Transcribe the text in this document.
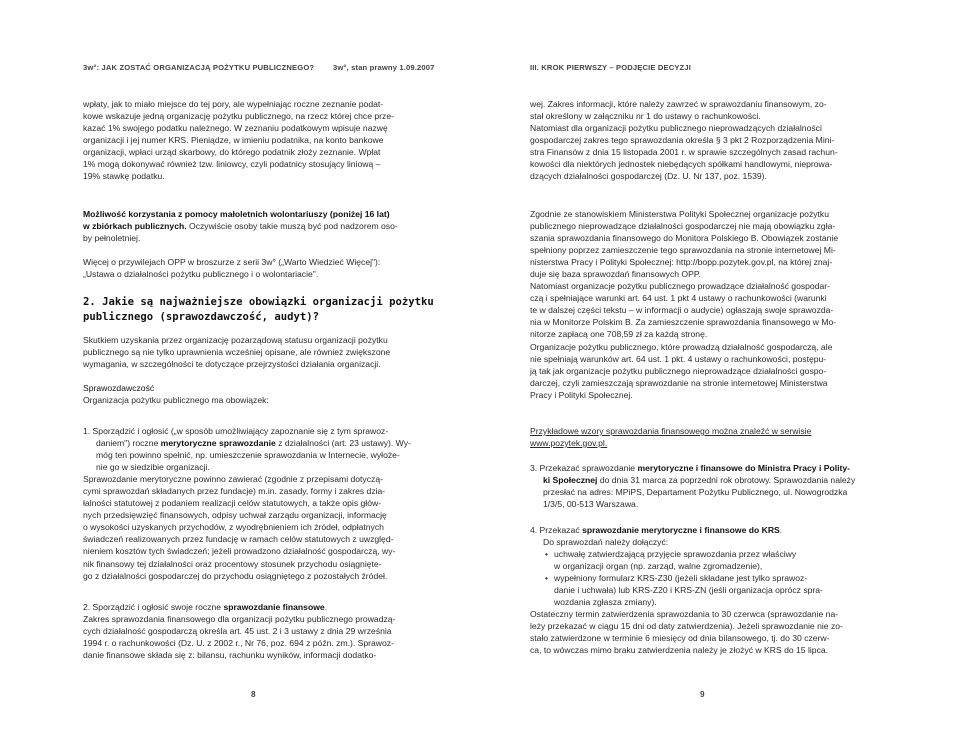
3w°: JAK ZOSTAĆ ORGANIZACJĄ POŻYTKU PUBLICZNEGO? 3w°, stan prawny 1.09.2007	III. KROK PIERWSZY – PODJĘCIE DECYZJI

wpłaty, jak to miało miejsce do tej pory, ale wypełniając roczne zeznanie podat-

kowe wskazuje jedną organizację pożytku publicznego, na rzecz której chce prze-

kazać 1% swojego podatku należnego. W zeznaniu podatkowym wpisuje nazwę

organizacji i jej numer KRS. Pieniądze, w imieniu podatnika, na konto bankowe

organizacji, wpłaci urząd skarbowy, do którego podatnik złoży zeznanie. Wpłat

1% mogą dokonywać również tzw. liniowcy, czyli podatnicy stosujący liniową –

19% stawkę podatku.

Możliwość korzystania z pomocy małoletnich wolontariuszy (poniżej 16 lat)

w zbiórkach publicznych. Oczywiście osoby takie muszą być pod nadzorem oso-

by pełnoletniej.

Więcej o przywilejach OPP w broszurze z serii 3w° („Warto Wiedzieć Więcej"):

„Ustawa o działalności pożytku publicznego i o wolontariacie".

2. Jakie są najważniejsze obowiązki organizacji pożytku

publicznego (sprawozdawczość, audyt)?

Skutkiem uzyskania przez organizację pozarządową statusu organizacji pożytku

publicznego są nie tylko uprawnienia wcześniej opisane, ale również zwiększone

wymagania, w szczególności te dotyczące przejrzystości działania organizacji.

Sprawozdawczość

Organizacja pożytku publicznego ma obowiązek:

1. Sporządzić i ogłosić („w sposób umożliwiający zapoznanie się z tym sprawoz-

daniem") roczne merytoryczne sprawozdanie z działalności (art. 23 ustawy). Wy-

móg ten powinno spełnić, np. umieszczenie sprawozdania w Internecie, wyłoże-

nie go w siedzibie organizacji.

Sprawozdanie merytoryczne powinno zawierać (zgodnie z przepisami dotyczą-

cymi sprawozdań składanych przez fundacje) m.in. zasady, formy i zakres dzia-

łalności statutowej z podaniem realizacji celów statutowych, a także opis głów-

nych przedsięwzięć finansowych, odpisy uchwał zarządu organizacji, informację

o wysokości uzyskanych przychodów, z wyodrębnieniem ich źródeł, odpłatnych

świadczeń realizowanych przez fundację w ramach celów statutowych z uwzględ-

nieniem kosztów tych świadczeń; jeżeli prowadzono działalność gospodarczą, wy-

nik finansowy tej działalności oraz procentowy stosunek przychodu osiągnięte-

go z działalności gospodarczej do przychodu osiągniętego z pozostałych źródeł.

2. Sporządzić i ogłosić swoje roczne sprawozdanie finansowe.

Zakres sprawozdania finansowego dla organizacji pożytku publicznego prowadzą-

cych działalność gospodarczą określa art. 45 ust. 2 i 3 ustawy z dnia 29 września

1994 r. o rachunkowości (Dz. U. z 2002 r., Nr 76, poz. 694 z późn. zm.). Sprawoz-

danie finansowe składa się z: bilansu, rachunku wyników, informacji dodatko-

wej. Zakres informacji, które należy zawrzeć w sprawozdaniu finansowym, zo-

stał określony w załączniku nr 1 do ustawy o rachunkowości.

Natomiast dla organizacji pożytku publicznego nieprowadzących działalności

gospodarczej zakres tego sprawozdania określa § 3 pkt 2 Rozporządzenia Mini-

stra Finansów z dnia 15 listopada 2001 r. w sprawie szczególnych zasad rachun-

kowości dla niektórych jednostek niebędących spółkami handlowymi, nieprowa-

dzących działalności gospodarczej (Dz. U. Nr 137, poz. 1539).

Zgodnie ze stanowiskiem Ministerstwa Polityki Społecznej organizacje pożytku

publicznego nieprowadzące działalności gospodarczej nie mają obowiązku zgła-

szania sprawozdania finansowego do Monitora Polskiego B. Obowiązek zostanie

spełniony poprzez zamieszczenie tego sprawozdania na stronie internetowej Mi-

nisterstwa Pracy i Polityki Społecznej: http://bopp.pozytek.gov.pl, na której znaj-

duje się baza sprawozdań finansowych OPP.

Natomiast organizacje pożytku publicznego prowadzące działalność gospodar-

czą i spełniające warunki art. 64 ust. 1 pkt 4 ustawy o rachunkowości (warunki

te w dalszej części tekstu – w informacji o audycie) ogłaszają swoje sprawozda-

nia w Monitorze Polskim B. Za zamieszczenie sprawozdania finansowego w Mo-

nitorze zapłacą one 708,59 zł za każdą stronę.

Organizacje pożytku publicznego, które prowadzą działalność gospodarczą, ale

nie spełniają warunków art. 64 ust. 1 pkt. 4 ustawy o rachunkowości, postępu-

ją tak jak organizacje pożytku publicznego nieprowadzące działalności gospo-

darczej, czyli zamieszczają sprawozdanie na stronie internetowej Ministerstwa

Pracy i Polityki Społecznej.

Przykładowe wzory sprawozdania finansowego można znaleźć w serwisie

www.pozytek.gov.pl.

3. Przekazać sprawozdanie merytoryczne i finansowe do Ministra Pracy i Polity-

ki Społecznej do dnia 31 marca za poprzedni rok obrotowy. Sprawozdania należy

przesłać na adres: MPiPS, Departament Pożytku Publicznego, ul. Nowogrodzka

1/3/5, 00-513 Warszawa.

4. Przekazać sprawozdanie merytoryczne i finansowe do KRS.

Do sprawozdań należy dołączyć:

• uchwałę zatwierdzającą przyjęcie sprawozdania przez właściwy
w organizacji organ (np. zarząd, walne zgromadzenie),
• wypełniony formularz KRS-Z30 (jeżeli składane jest tylko sprawoz-
danie i uchwała) lub KRS-Z20 i KRS-ZN (jeśli organizacja oprócz spra-
wozdania zgłasza zmiany).

Ostateczny termin zatwierdzenia sprawozdania to 30 czerwca (sprawozdanie na-

leży przekazać w ciągu 15 dni od daty zatwierdzenia). Jeżeli sprawozdanie nie zo-

stało zatwierdzone w terminie 6 miesięcy od dnia bilansowego, tj. do 30 czerw-

ca, to wówczas mimo braku zatwierdzenia należy je złożyć w KRS do 15 lipca.

8	9
